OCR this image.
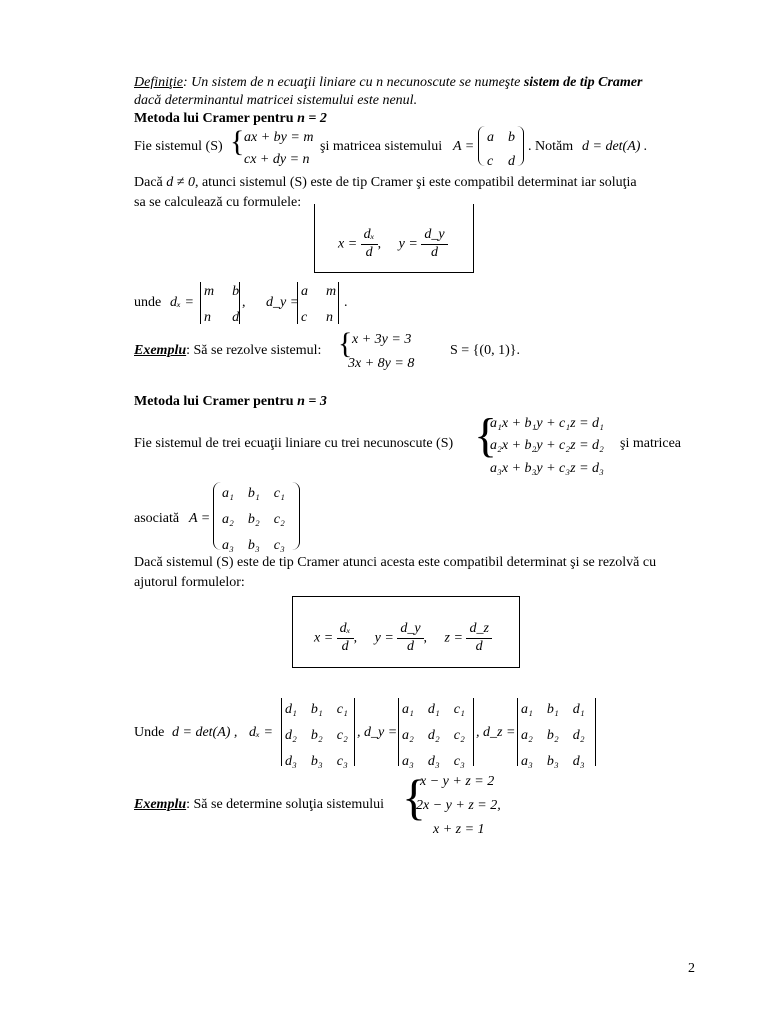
Definiţie: Un sistem de n ecuaţii liniare cu n necunoscute se numeşte sistem de tip Cramer
dacă determinantul matricei sistemului este nenul.
Metoda lui Cramer pentru n = 2
Fie sistemul (S) { ax + by = m
cx + dy = n
şi matricea sistemului A =
a b
c d
. Notăm d = det(A) .
Dacă d ≠ 0, atunci sistemul (S) este de tip Cramer şi este compatibil determinat iar soluţia
sa se calculează cu formulele:
$x = \frac{\text{dₓ}}{d}$ , $y = \frac{d\_y}{d}$
unde dₓ =
m b
n d
, d_y =
a m
c n
.
Exemplu: Să se rezolve sistemul: { x + 3y = 3
3x + 8y = 8
S = {(0, 1)}.
Metoda lui Cramer pentru n = 3
Fie sistemul de trei ecuaţii liniare cu trei necunoscute (S) {
a₁x + b₁y + c₁z = d₁
a₂x + b₂y + c₂z = d₂
a₃x + b₃y + c₃z = d₃
şi matricea
asociată A =
a₁ b₁ c₁
a₂ b₂ c₂
a₃ b₃ c₃
Dacă sistemul (S) este de tip Cramer atunci acesta este compatibil determinat şi se rezolvă cu
ajutorul formulelor:
$x = \frac{\text{dₓ}}{d}$ , $y = \frac{d\_y}{d}$ , $z = \frac{d\_z}{d}$
Unde d = det(A) , dₓ =
d₁ b₁ c₁
d₂ b₂ c₂
d₃ b₃ c₃
, d_y =
a₁ d₁ c₁
a₂ d₂ c₂
a₃ d₃ c₃
, d_z =
a₁ b₁ d₁
a₂ b₂ d₂
a₃ b₃ d₃
Exemplu: Să se determine soluţia sistemului {
x − y + z = 2
2x − y + z = 2,
x + z = 1
2
